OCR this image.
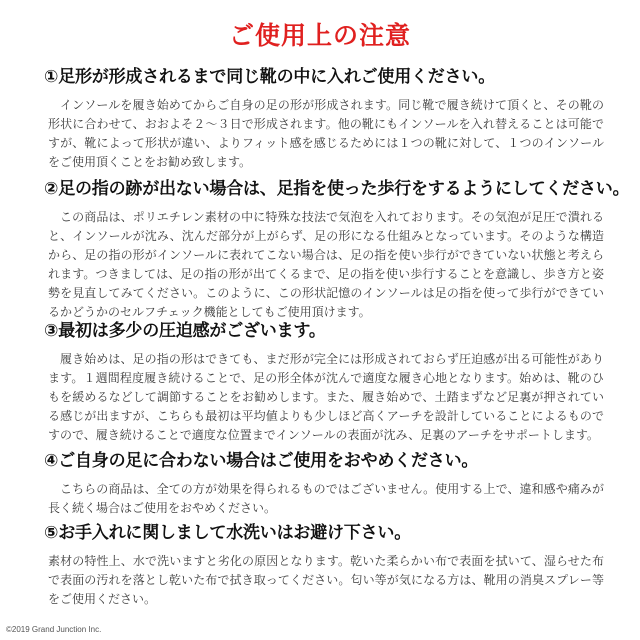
ご使用上の注意
①足形が形成されるまで同じ靴の中に入れご使用ください。
インソールを履き始めてからご自身の足の形が形成されます。同じ靴で履き続けて頂くと、その靴の形状に合わせて、おおよそ２〜３日で形成されます。他の靴にもインソールを入れ替えることは可能ですが、靴によって形状が違い、よりフィット感を感じるためには１つの靴に対して、１つのインソールをご使用頂くことをお勧め致します。
②足の指の跡が出ない場合は、足指を使った歩行をするようにしてください。
この商品は、ポリエチレン素材の中に特殊な技法で気泡を入れております。その気泡が足圧で潰れると、インソールが沈み、沈んだ部分が上がらず、足の形になる仕組みとなっています。そのような構造から、足の指の形がインソールに表れてこない場合は、足の指を使い歩行ができていない状態と考えられます。つきましては、足の指の形が出てくるまで、足の指を使い歩行することを意識し、歩き方と姿勢を見直してみてください。このように、この形状記憶のインソールは足の指を使って歩行ができているかどうかのセルフチェック機能としてもご使用頂けます。
③最初は多少の圧迫感がございます。
履き始めは、足の指の形はできても、まだ形が完全には形成されておらず圧迫感が出る可能性があります。１週間程度履き続けることで、足の形全体が沈んで適度な履き心地となります。始めは、靴のひもを緩めるなどして調節することをお勧めします。また、履き始めで、土踏まずなど足裏が押されている感じが出ますが、こちらも最初は平均値よりも少しほど高くアーチを設計していることによるものですので、履き続けることで適度な位置までインソールの表面が沈み、足裏のアーチをサポートします。
④ご自身の足に合わない場合はご使用をおやめください。
こちらの商品は、全ての方が効果を得られるものではございません。使用する上で、違和感や痛みが長く続く場合はご使用をおやめください。
⑤お手入れに関しまして水洗いはお避け下さい。
素材の特性上、水で洗いますと劣化の原因となります。乾いた柔らかい布で表面を拭いて、湿らせた布で表面の汚れを落とし乾いた布で拭き取ってください。匂い等が気になる方は、靴用の消臭スプレー等をご使用ください。
©2019 Grand Junction Inc.
